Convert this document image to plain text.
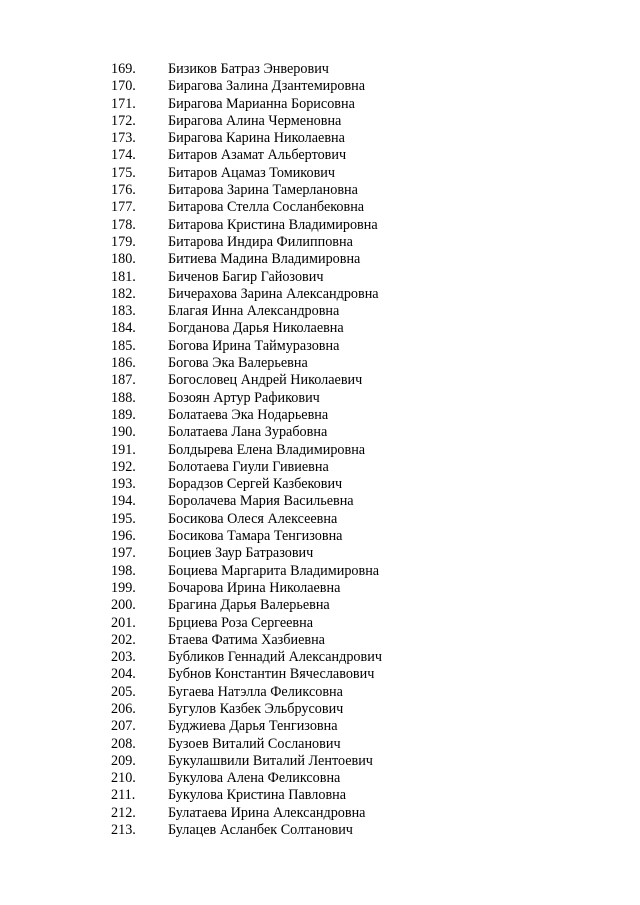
169.	Бизиков Батраз Энверович
170.	Бирагова Залина Дзантемировна
171.	Бирагова Марианна Борисовна
172.	Бирагова Алина Черменовна
173.	Бирагова Карина Николаевна
174.	Битаров Азамат Альбертович
175.	Битаров Ацамаз Томикович
176.	Битарова Зарина Тамерлановна
177.	Битарова Стелла Сосланбековна
178.	Битарова Кристина Владимировна
179.	Битарова Индира Филипповна
180.	Битиева Мадина Владимировна
181.	Биченов Багир Гайозович
182.	Бичерахова Зарина Александровна
183.	Благая Инна Александровна
184.	Богданова Дарья Николаевна
185.	Богова Ирина Таймуразовна
186.	Богова Эка Валерьевна
187.	Богословец Андрей Николаевич
188.	Бозоян Артур Рафикович
189.	Болатаева Эка Нодарьевна
190.	Болатаева Лана Зурабовна
191.	Болдырева Елена Владимировна
192.	Болотаева Гиули Гивиевна
193.	Борадзов Сергей Казбекович
194.	Боролачева Мария Васильевна
195.	Босикова Олеся Алексеевна
196.	Босикова Тамара Тенгизовна
197.	Боциев Заур Батразович
198.	Боциева Маргарита Владимировна
199.	Бочарова Ирина Николаевна
200.	Брагина Дарья Валерьевна
201.	Брциева Роза Сергеевна
202.	Бтаева Фатима Хазбиевна
203.	Бубликов Геннадий Александрович
204.	Бубнов Константин Вячеславович
205.	Бугаева Натэлла Феликсовна
206.	Бугулов Казбек Эльбрусович
207.	Буджиева Дарья Тенгизовна
208.	Бузоев Виталий Сосланович
209.	Букулашвили Виталий Лентоевич
210.	Букулова Алена Феликсовна
211.	Букулова Кристина Павловна
212.	Булатаева Ирина Александровна
213.	Булацев Асланбек Солтанович
